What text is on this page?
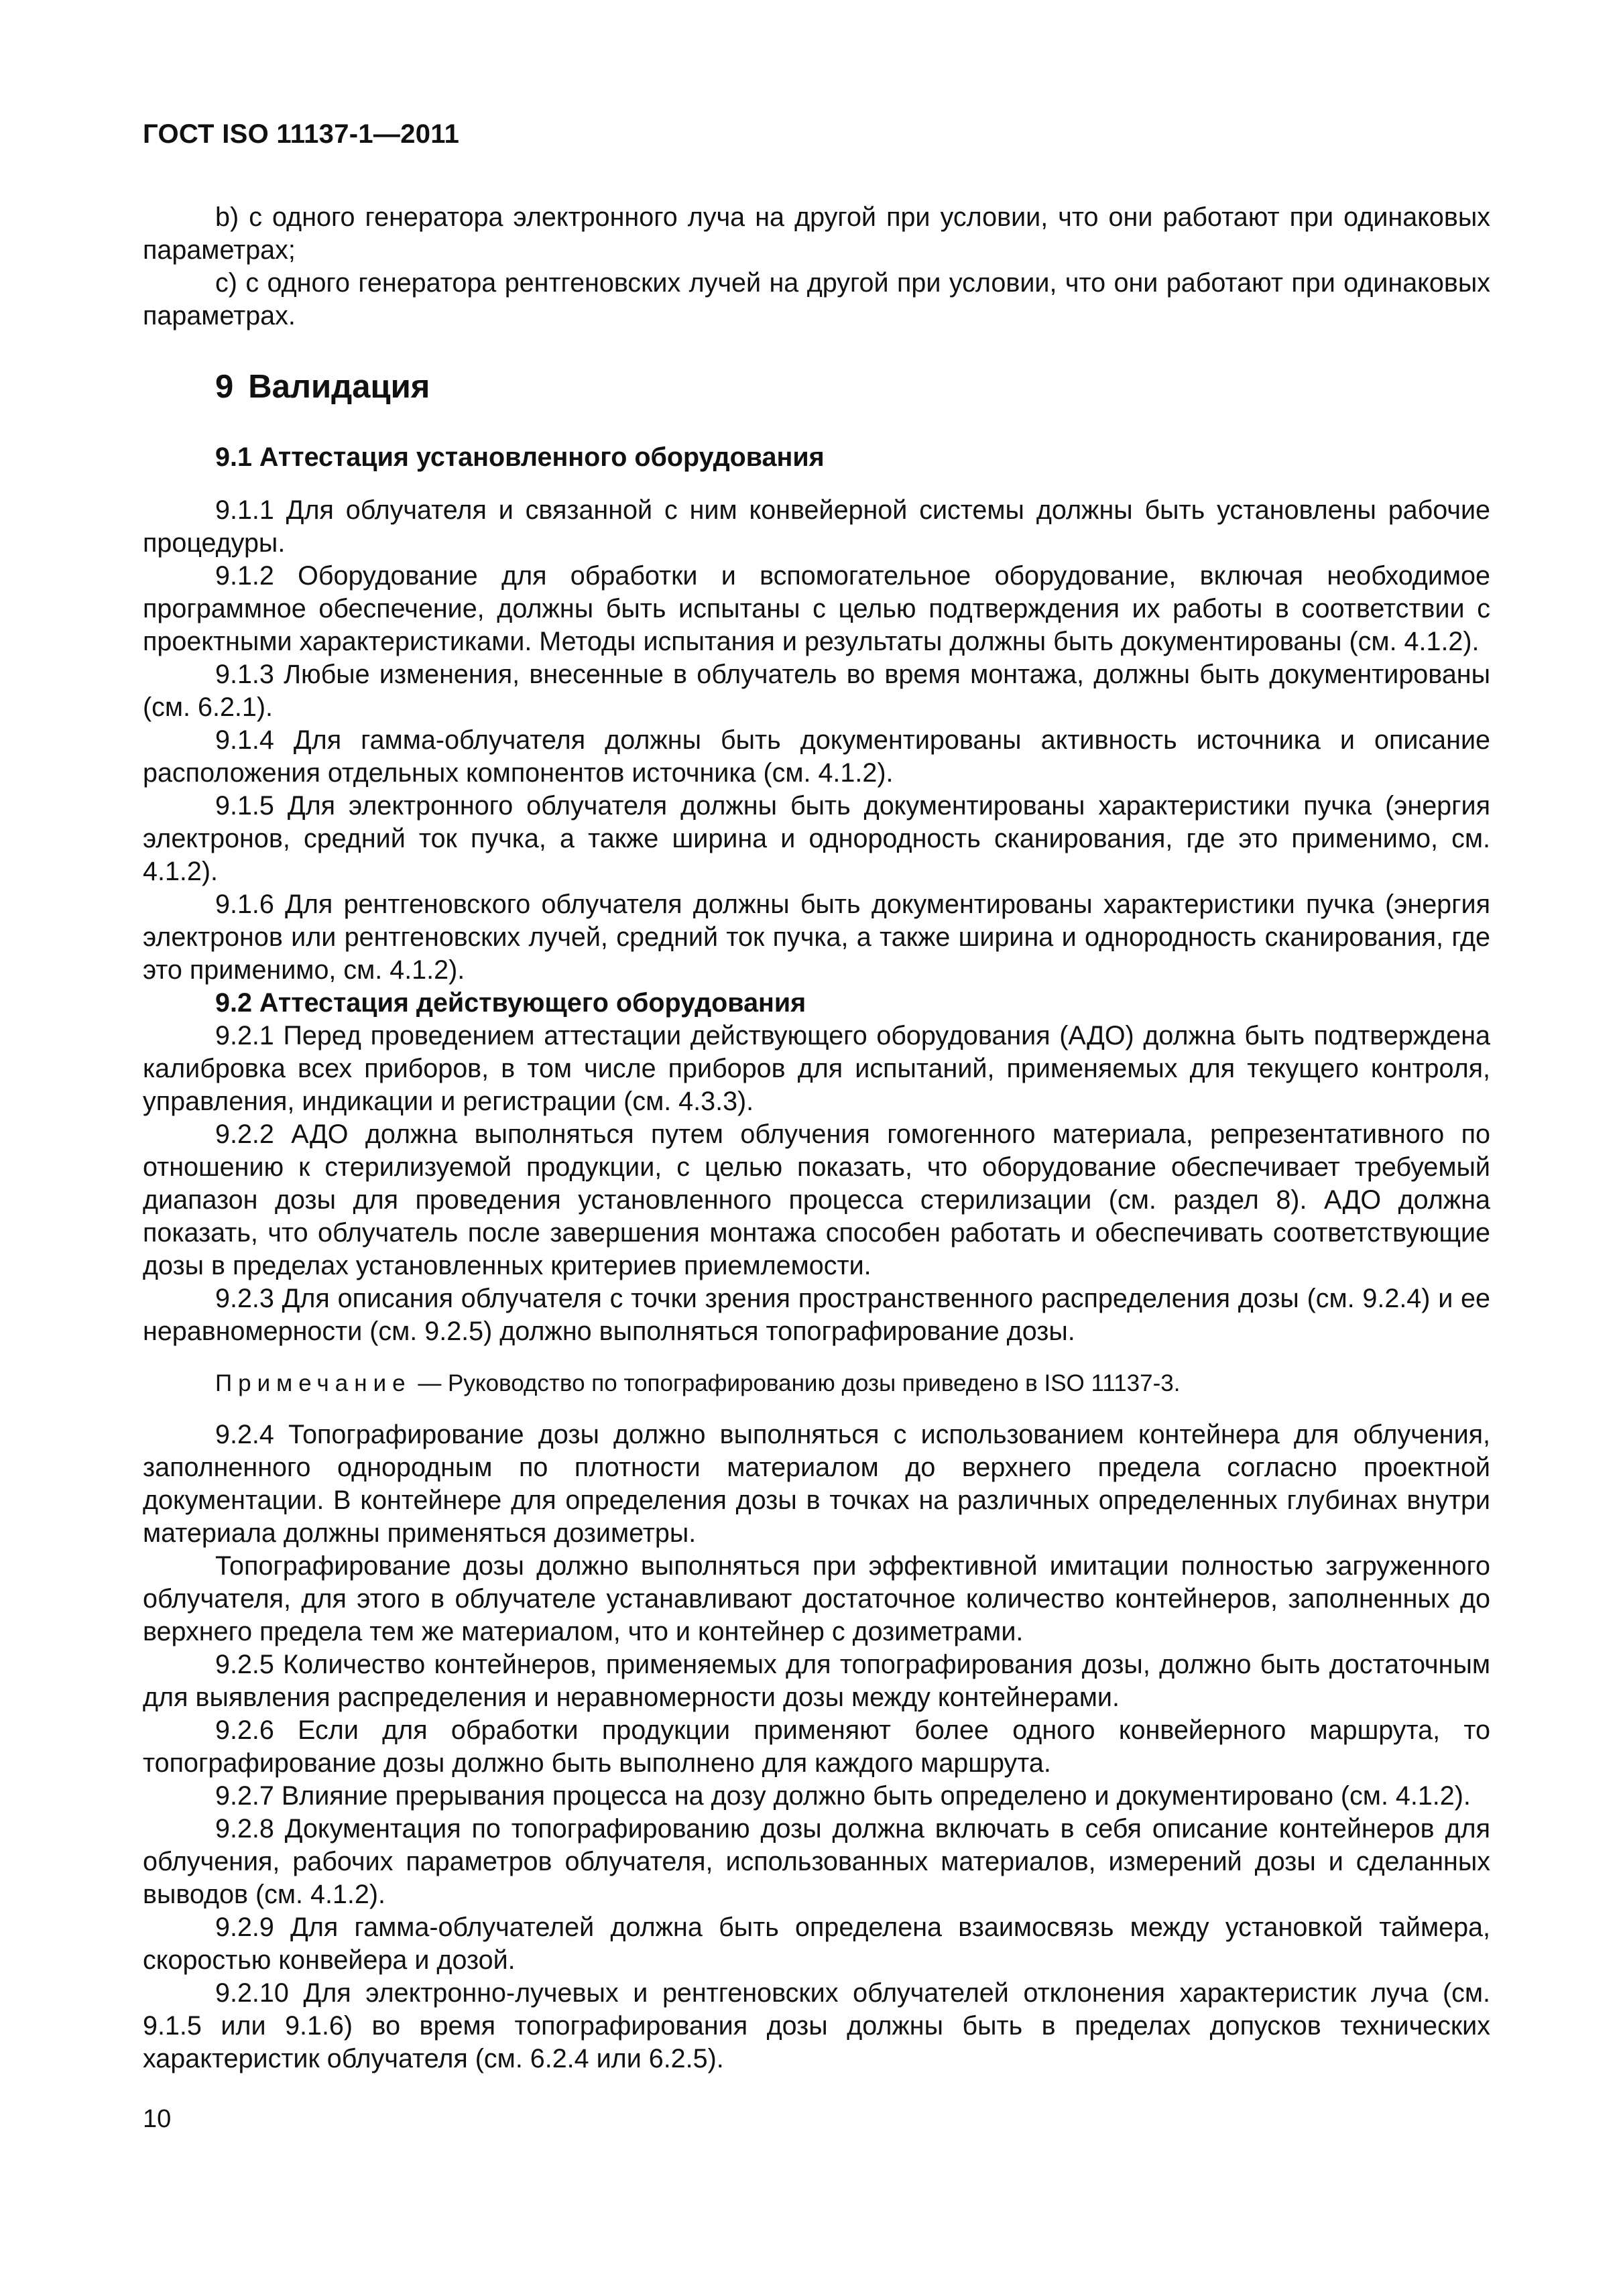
ГОСТ ISO 11137-1—2011

b) с одного генератора электронного луча на другой при условии, что они работают при одинаковых параметрах;

c) с одного генератора рентгеновских лучей на другой при условии, что они работают при одинаковых параметрах.

9 Валидация
9.1 Аттестация установленного оборудования

9.1.1 Для облучателя и связанной с ним конвейерной системы должны быть установлены рабочие процедуры.

9.1.2 Оборудование для обработки и вспомогательное оборудование, включая необходимое программное обеспечение, должны быть испытаны с целью подтверждения их работы в соответствии с проектными характеристиками. Методы испытания и результаты должны быть документированы (см. 4.1.2).

9.1.3 Любые изменения, внесенные в облучатель во время монтажа, должны быть документированы (см. 6.2.1).

9.1.4 Для гамма-облучателя должны быть документированы активность источника и описание расположения отдельных компонентов источника (см. 4.1.2).

9.1.5 Для электронного облучателя должны быть документированы характеристики пучка (энергия электронов, средний ток пучка, а также ширина и однородность сканирования, где это применимо, см. 4.1.2).

9.1.6 Для рентгеновского облучателя должны быть документированы характеристики пучка (энергия электронов или рентгеновских лучей, средний ток пучка, а также ширина и однородность сканирования, где это применимо, см. 4.1.2).

9.2 Аттестация действующего оборудования

9.2.1 Перед проведением аттестации действующего оборудования (АДО) должна быть подтверждена калибровка всех приборов, в том числе приборов для испытаний, применяемых для текущего контроля, управления, индикации и регистрации (см. 4.3.3).

9.2.2 АДО должна выполняться путем облучения гомогенного материала, репрезентативного по отношению к стерилизуемой продукции, с целью показать, что оборудование обеспечивает требуемый диапазон дозы для проведения установленного процесса стерилизации (см. раздел 8). АДО должна показать, что облучатель после завершения монтажа способен работать и обеспечивать соответствующие дозы в пределах установленных критериев приемлемости.

9.2.3 Для описания облучателя с точки зрения пространственного распределения дозы (см. 9.2.4) и ее неравномерности (см. 9.2.5) должно выполняться топографирование дозы.

Примечание — Руководство по топографированию дозы приведено в ISO 11137-3.

9.2.4 Топографирование дозы должно выполняться с использованием контейнера для облучения, заполненного однородным по плотности материалом до верхнего предела согласно проектной документации. В контейнере для определения дозы в точках на различных определенных глубинах внутри материала должны применяться дозиметры.

Топографирование дозы должно выполняться при эффективной имитации полностью загруженного облучателя, для этого в облучателе устанавливают достаточное количество контейнеров, заполненных до верхнего предела тем же материалом, что и контейнер с дозиметрами.

9.2.5 Количество контейнеров, применяемых для топографирования дозы, должно быть достаточным для выявления распределения и неравномерности дозы между контейнерами.

9.2.6 Если для обработки продукции применяют более одного конвейерного маршрута, то топографирование дозы должно быть выполнено для каждого маршрута.

9.2.7 Влияние прерывания процесса на дозу должно быть определено и документировано (см. 4.1.2).

9.2.8 Документация по топографированию дозы должна включать в себя описание контейнеров для облучения, рабочих параметров облучателя, использованных материалов, измерений дозы и сделанных выводов (см. 4.1.2).

9.2.9 Для гамма-облучателей должна быть определена взаимосвязь между установкой таймера, скоростью конвейера и дозой.

9.2.10 Для электронно-лучевых и рентгеновских облучателей отклонения характеристик луча (см. 9.1.5 или 9.1.6) во время топографирования дозы должны быть в пределах допусков технических характеристик облучателя (см. 6.2.4 или 6.2.5).

10
